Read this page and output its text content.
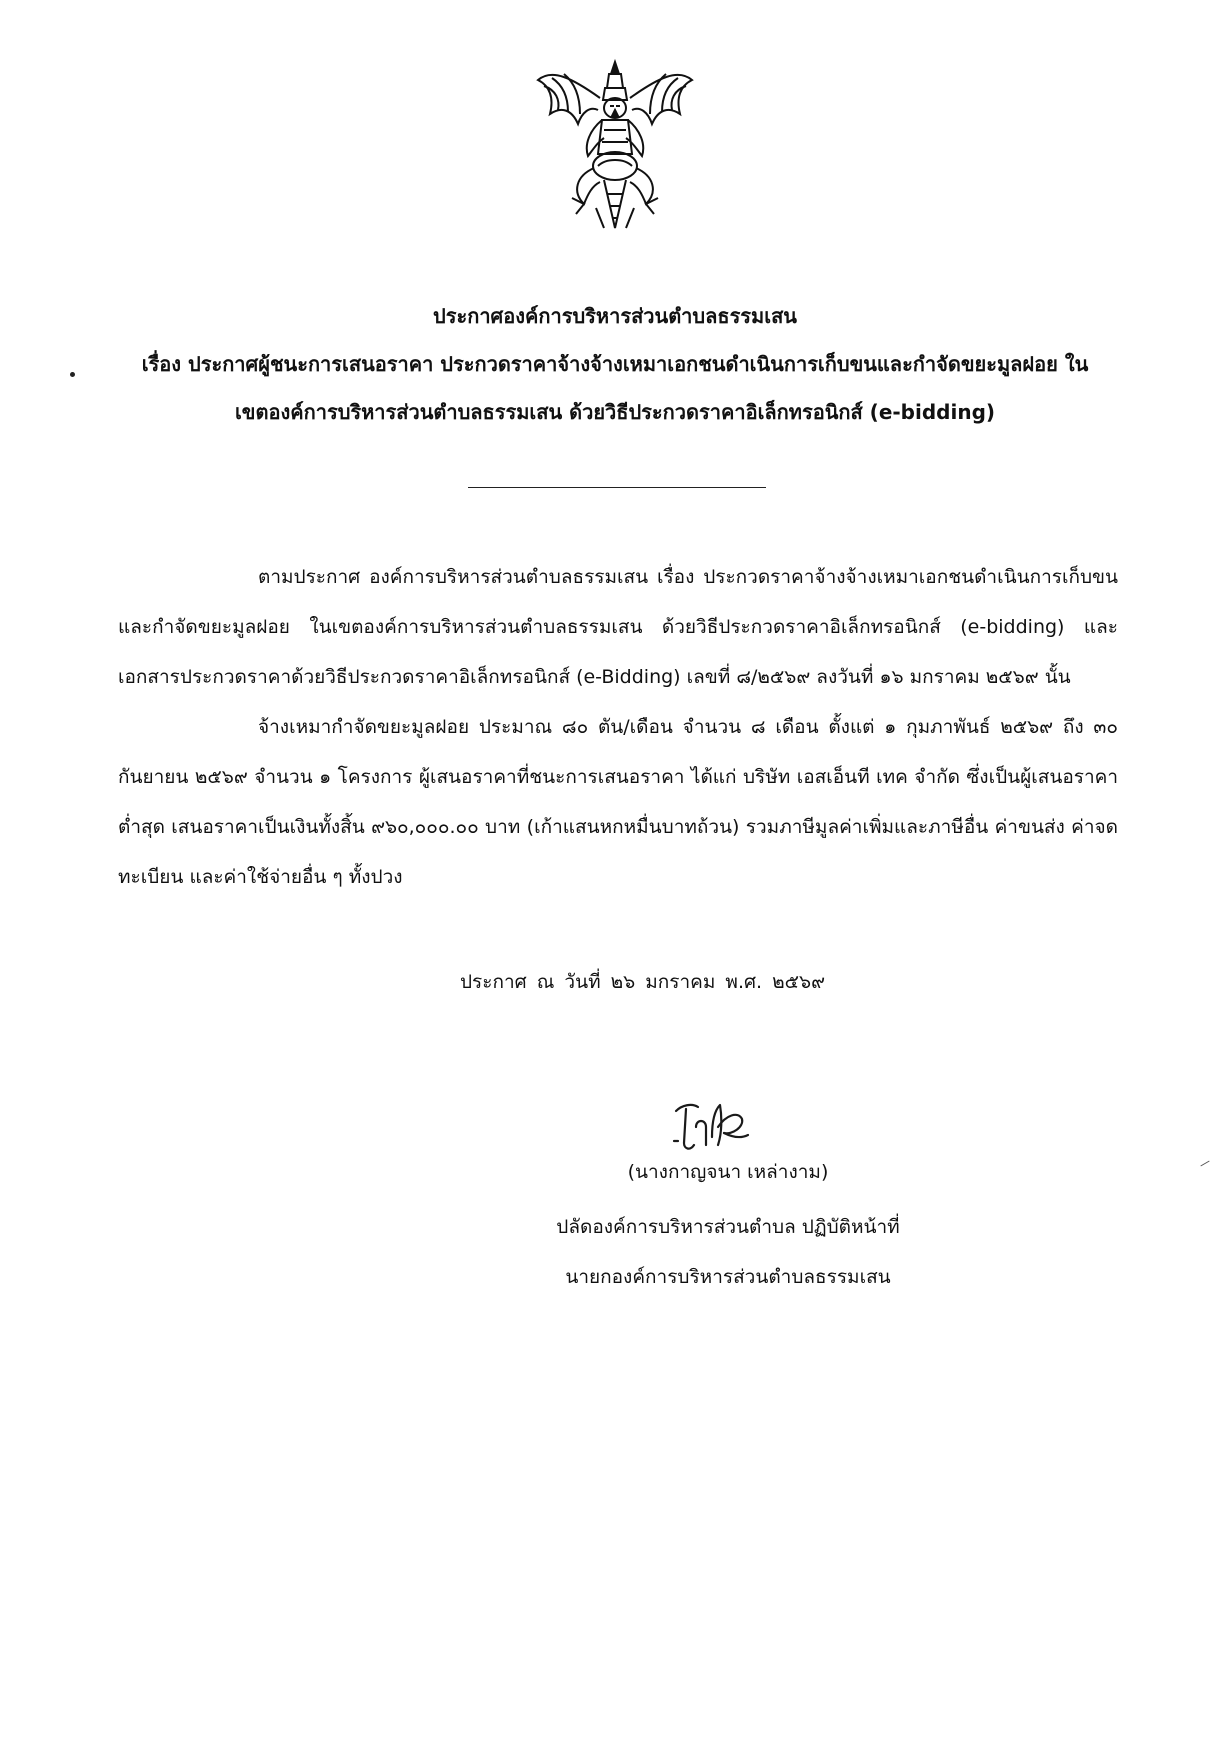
ประกาศองค์การบริหารส่วนตำบลธรรมเสน
เรื่อง ประกาศผู้ชนะการเสนอราคา ประกวดราคาจ้างจ้างเหมาเอกชนดำเนินการเก็บขนและกำจัดขยะมูลฝอย ใน
เขตองค์การบริหารส่วนตำบลธรรมเสน ด้วยวิธีประกวดราคาอิเล็กทรอนิกส์ (e-bidding)

ตามประกาศ องค์การบริหารส่วนตำบลธรรมเสน เรื่อง ประกวดราคาจ้างจ้างเหมาเอกชนดำเนินการเก็บขนและกำจัดขยะมูลฝอย ในเขตองค์การบริหารส่วนตำบลธรรมเสน ด้วยวิธีประกวดราคาอิเล็กทรอนิกส์ (e-bidding) และเอกสารประกวดราคาด้วยวิธีประกวดราคาอิเล็กทรอนิกส์ (e-Bidding) เลขที่ ๘/๒๕๖๙ ลงวันที่ ๑๖ มกราคม ๒๕๖๙ นั้น

จ้างเหมากำจัดขยะมูลฝอย ประมาณ ๘๐ ตัน/เดือน จำนวน ๘ เดือน ตั้งแต่ ๑ กุมภาพันธ์ ๒๕๖๙ ถึง ๓๐ กันยายน ๒๕๖๙ จำนวน ๑ โครงการ ผู้เสนอราคาที่ชนะการเสนอราคา ได้แก่ บริษัท เอสเอ็นที เทค จำกัด ซึ่งเป็นผู้เสนอราคาต่ำสุด เสนอราคาเป็นเงินทั้งสิ้น ๙๖๐,๐๐๐.๐๐ บาท (เก้าแสนหกหมื่นบาทถ้วน) รวมภาษีมูลค่าเพิ่มและภาษีอื่น ค่าขนส่ง ค่าจดทะเบียน และค่าใช้จ่ายอื่น ๆ ทั้งปวง

ประกาศ ณ วันที่ ๒๖ มกราคม พ.ศ. ๒๕๖๙
(นางกาญจนา เหล่างาม)
ปลัดองค์การบริหารส่วนตำบล ปฏิบัติหน้าที่
นายกองค์การบริหารส่วนตำบลธรรมเสน
